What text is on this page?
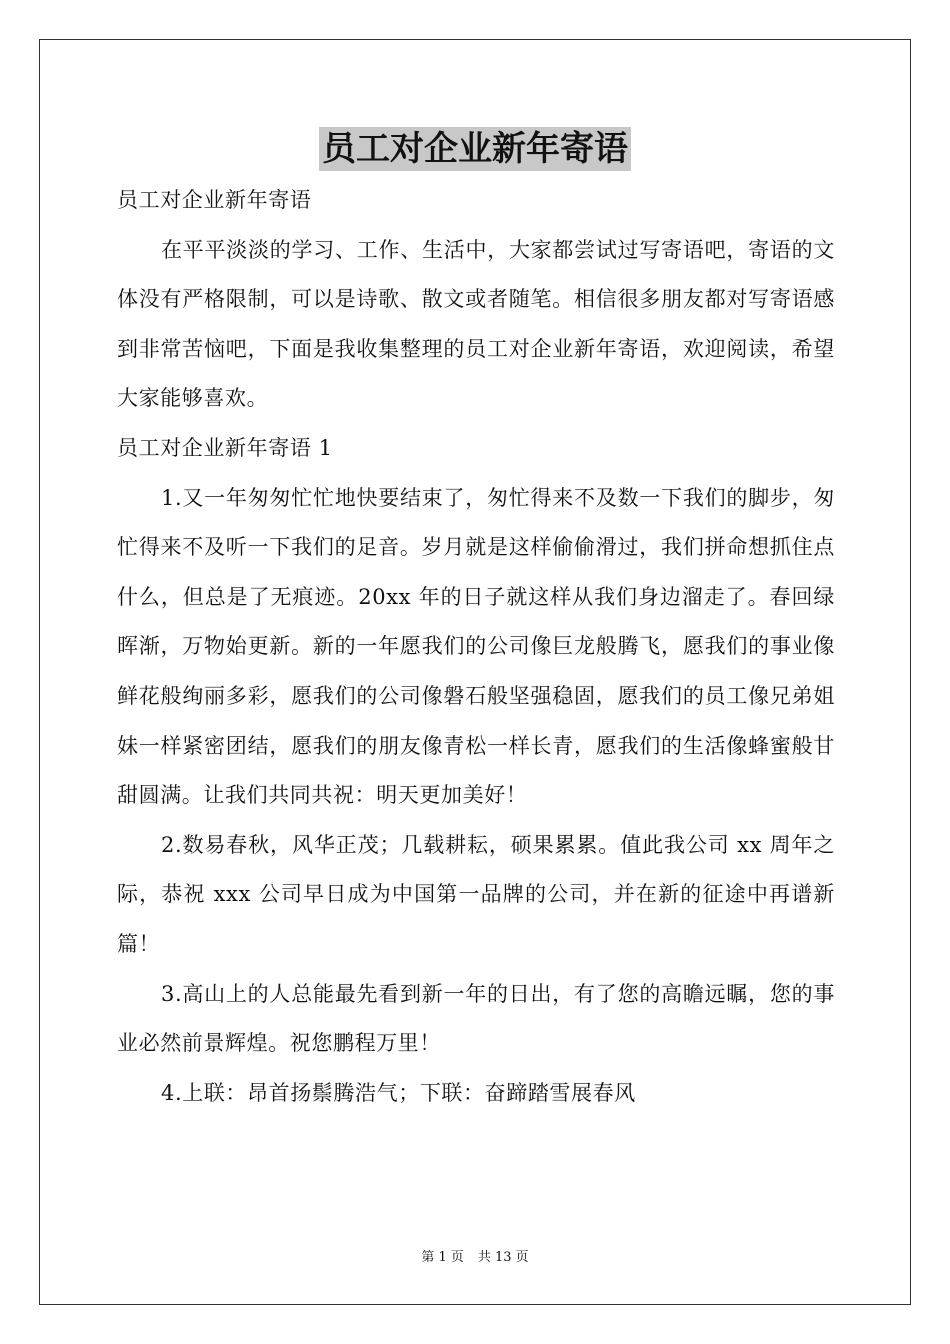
员工对企业新年寄语

员工对企业新年寄语

在平平淡淡的学习、工作、生活中，大家都尝试过写寄语吧，寄语的文体没有严格限制，可以是诗歌、散文或者随笔。相信很多朋友都对写寄语感到非常苦恼吧，下面是我收集整理的员工对企业新年寄语，欢迎阅读，希望大家能够喜欢。

员工对企业新年寄语 1

1.又一年匆匆忙忙地快要结束了，匆忙得来不及数一下我们的脚步，匆忙得来不及听一下我们的足音。岁月就是这样偷偷滑过，我们拼命想抓住点什么，但总是了无痕迹。20xx 年的日子就这样从我们身边溜走了。春回绿晖渐，万物始更新。新的一年愿我们的公司像巨龙般腾飞，愿我们的事业像鲜花般绚丽多彩，愿我们的公司像磐石般坚强稳固，愿我们的员工像兄弟姐妹一样紧密团结，愿我们的朋友像青松一样长青，愿我们的生活像蜂蜜般甘甜圆满。让我们共同共祝：明天更加美好！

2.数易春秋，风华正茂；几载耕耘，硕果累累。值此我公司 xx 周年之际，恭祝 xxx 公司早日成为中国第一品牌的公司，并在新的征途中再谱新篇！

3.高山上的人总能最先看到新一年的日出，有了您的高瞻远瞩，您的事业必然前景辉煌。祝您鹏程万里！

4.上联：昂首扬鬃腾浩气；下联：奋蹄踏雪展春风

第 1 页 共 13 页
